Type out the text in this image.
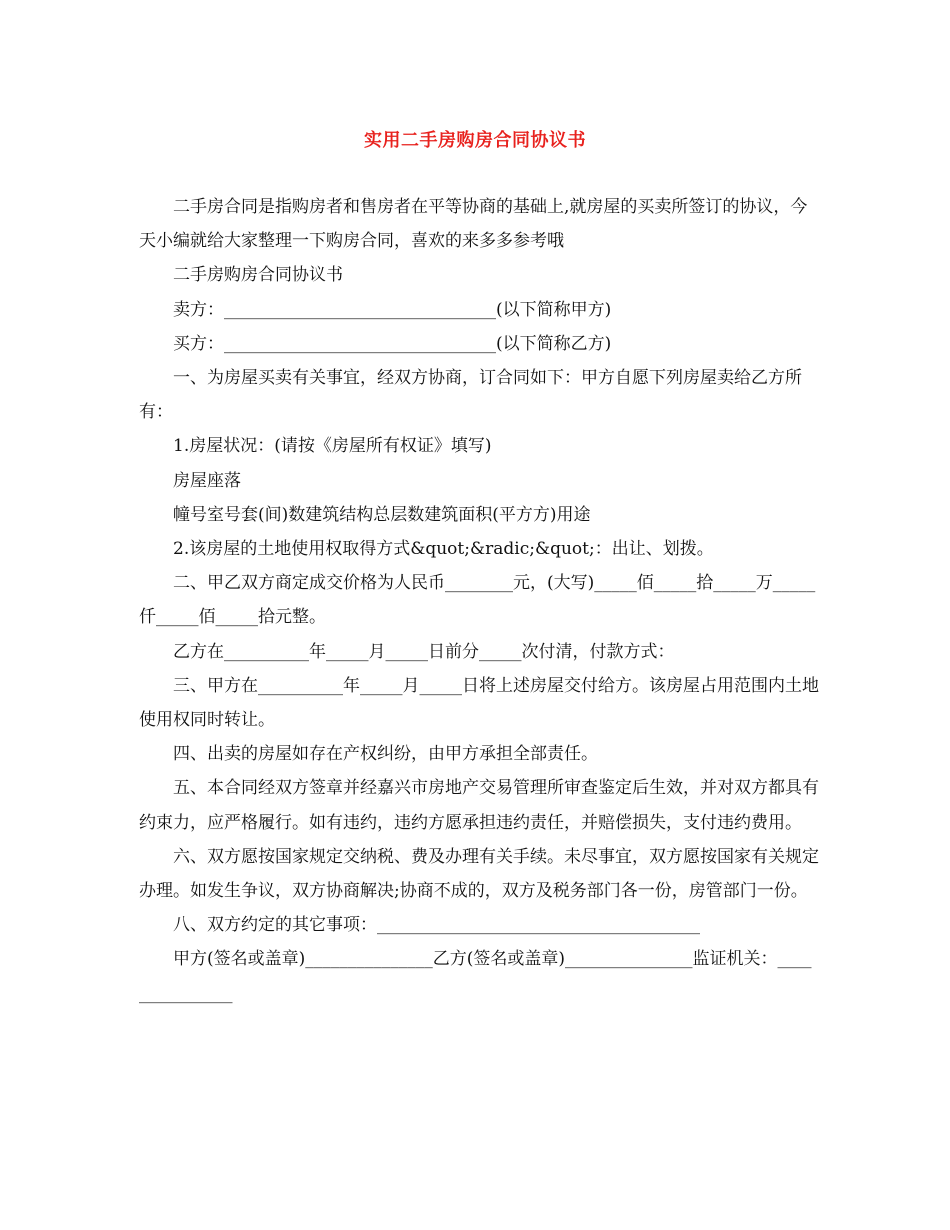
实用二手房购房合同协议书

二手房合同是指购房者和售房者在平等协商的基础上,就房屋的买卖所签订的协议，今天小编就给大家整理一下购房合同，喜欢的来多多参考哦

二手房购房合同协议书

卖方：________________________________(以下简称甲方)

买方：________________________________(以下简称乙方)

一、为房屋买卖有关事宜，经双方协商，订合同如下：甲方自愿下列房屋卖给乙方所有：

1.房屋状况：(请按《房屋所有权证》填写)

房屋座落

幢号室号套(间)数建筑结构总层数建筑面积(平方方)用途

2.该房屋的土地使用权取得方式&quot;&radic;&quot;：出让、划拨。

二、甲乙双方商定成交价格为人民币________元，(大写)_____佰_____拾_____万_____仟_____佰_____拾元整。

乙方在__________年_____月_____日前分_____次付清，付款方式：

三、甲方在__________年_____月_____日将上述房屋交付给方。该房屋占用范围内土地使用权同时转让。

四、出卖的房屋如存在产权纠纷，由甲方承担全部责任。

五、本合同经双方签章并经嘉兴市房地产交易管理所审查鉴定后生效，并对双方都具有约束力，应严格履行。如有违约，违约方愿承担违约责任，并赔偿损失，支付违约费用。

六、双方愿按国家规定交纳税、费及办理有关手续。未尽事宜，双方愿按国家有关规定办理。如发生争议，双方协商解决;协商不成的，双方及税务部门各一份，房管部门一份。

八、双方约定的其它事项：______________________________________

甲方(签名或盖章)_______________乙方(签名或盖章)_______________监证机关：_______________
